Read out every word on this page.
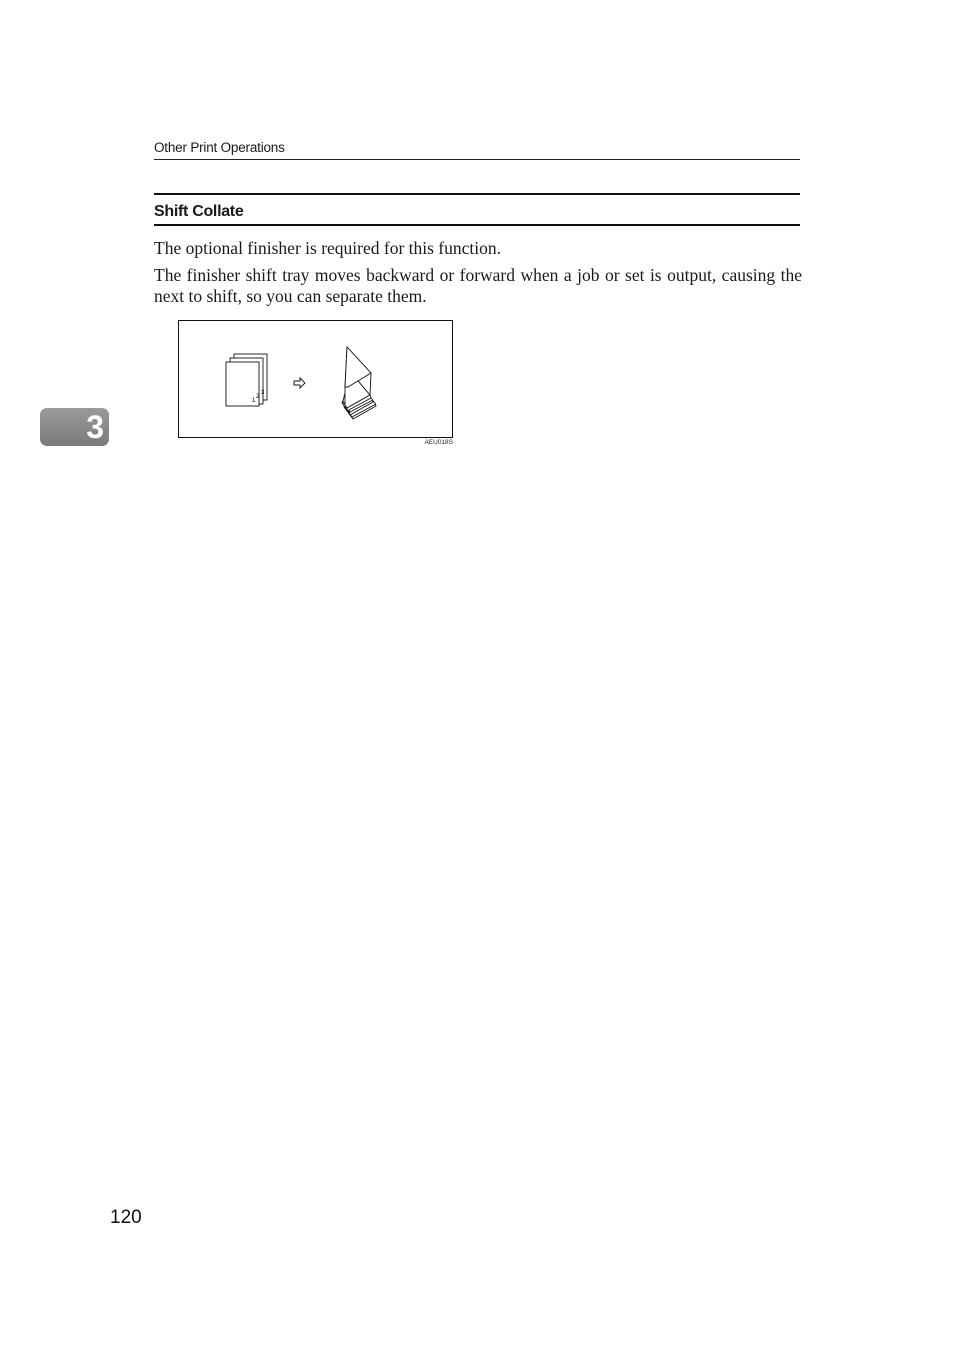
Other Print Operations
Shift Collate

The optional finisher is required for this function.

The finisher shift tray moves backward or forward when a job or set is output, causing the next to shift, so you can separate them.

1
2
3
AEU018S
3
120
